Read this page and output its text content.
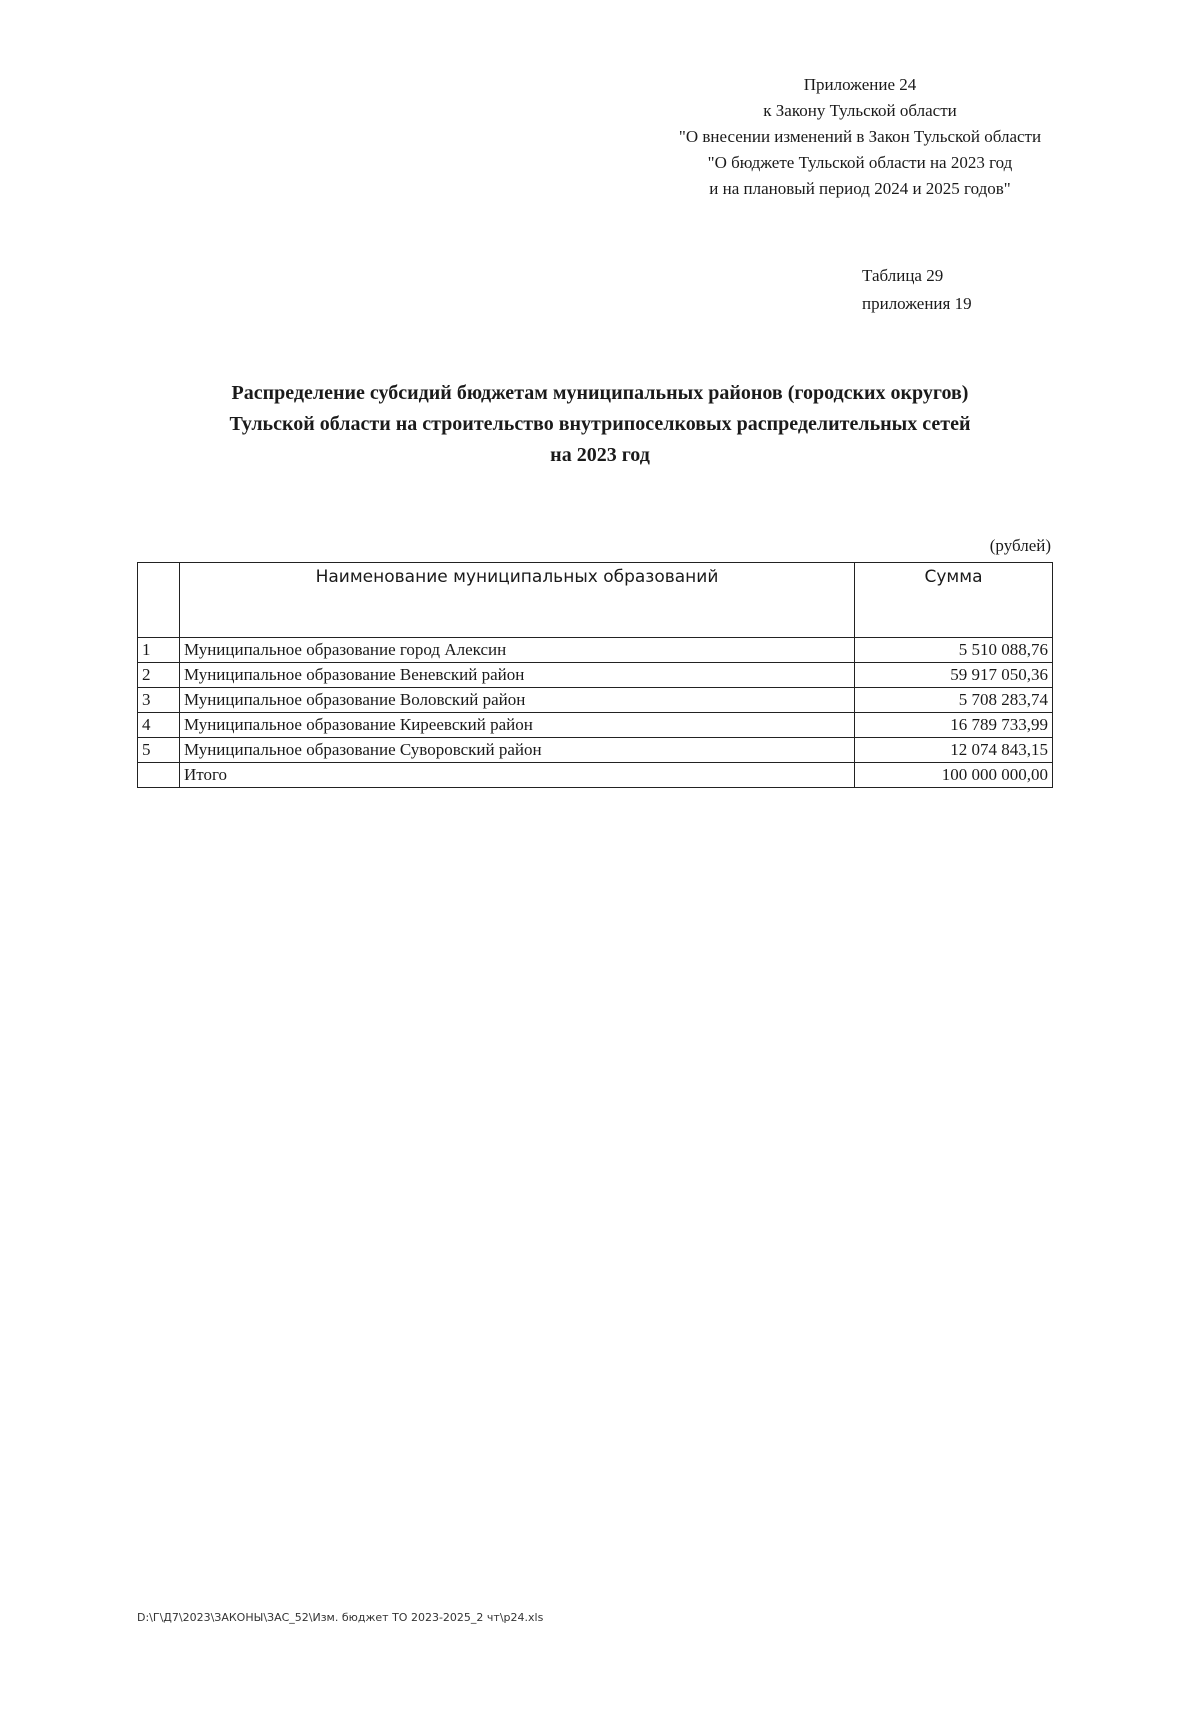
Приложение 24
к Закону Тульской области
"О внесении изменений в Закон Тульской области
"О бюджете Тульской области на 2023 год
и на плановый период 2024 и 2025 годов"
Таблица 29
приложения 19
Распределение субсидий бюджетам муниципальных районов (городских округов)
Тульской области на строительство внутрипоселковых распределительных сетей
на 2023 год
(рублей)
	Наименование муниципальных образований	Сумма
1	Муниципальное образование город Алексин	5 510 088,76
2	Муниципальное образование Веневский район	59 917 050,36
3	Муниципальное образование Воловский район	5 708 283,74
4	Муниципальное образование Киреевский район	16 789 733,99
5	Муниципальное образование Суворовский район	12 074 843,15
	Итого	100 000 000,00
D:\Г\Д7\2023\ЗАКОНЫ\ЗАС_52\Изм. бюджет ТО 2023-2025_2 чт\p24.xls
